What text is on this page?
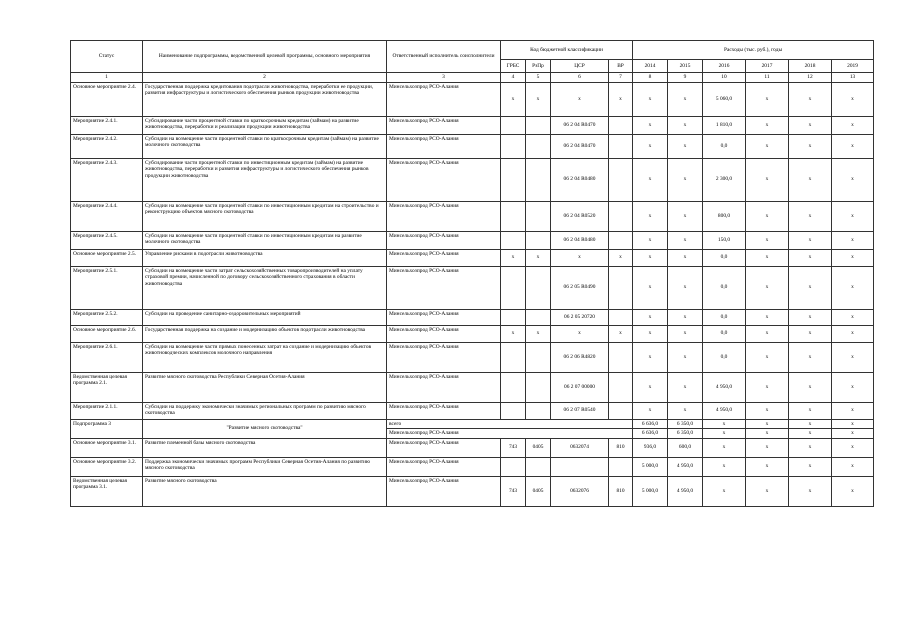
Статус	Наименование подпрограммы, ведомственной целевой программы, основного мероприятия	Ответственный исполнитель соисполнители	Код бюджетной классификации				Расходы (тыс. руб.), годы					
			ГРБС	РзПр	ЦСР	ВР	2014	2015	2016	2017	2018	2019
1	2	3	4	5	6	7	8	9	10	11	12	13
Основное мероприятие 2.4.	Государственная поддержка кредитования подотрасли животноводства, переработки ее продукции, развития инфраструктуры и логистического обеспечения рынков продукции животноводства	Минсельхозпрод РСО-Алания	х	х	х	х	х	х	5 060,0	х	х	х
Мероприятие 2.4.1.	Субсидирование части процентной ставки по краткосрочным кредитам (займам) на развитие животноводства, переработки и реализации продукции животноводства	Минсельхозпрод РСО-Алания			06 2 04 R0470		х	х	1 810,0	х	х	х
Мероприятие 2.4.2.	Субсидии на возмещение части процентной ставки по краткосрочным кредитам (займам) на развитие молочного скотоводства	Минсельхозпрод РСО-Алания			06 2 04 R0470		х	х	0,0	х	х	х
Мероприятие 2.4.3.	Субсидирование части процентной ставки по инвестиционным кредитам (займам) на развитие животноводства, переработки и развития инфраструктуры и логистического обеспечения рынков продукции животноводства	Минсельхозпрод РСО-Алания			06 2 04 R0480		х	х	2 300,0	х	х	х
Мероприятие 2.4.4.	Субсидии на возмещение части процентной ставки по инвестиционным кредитам на строительство и реконструкцию объектов мясного скотоводства	Минсельхозпрод РСО-Алания			06 2 04 R0520		х	х	800,0	х	х	х
Мероприятие 2.4.5.	Субсидии на возмещение части процентной ставки по инвестиционным кредитам на развитие молочного скотоводства	Минсельхозпрод РСО-Алания			06 2 04 R0480		х	х	150,0	х	х	х
Основное мероприятие 2.5.	Управление рисками в подотрасли животноводства	Минсельхозпрод РСО-Алания	х	х	х	х	х	х	0,0	х	х	х
Мероприятие 2.5.1.	Субсидии на возмещение части затрат сельскохозяйственных товаропроизводителей на уплату страховой премии, начисленной по договору сельскохозяйственного страхования в области животноводства	Минсельхозпрод РСО-Алания			06 2 05 R0490		х	х	0,0	х	х	х
Мероприятие 2.5.2.	Субсидии на проведение санитарно-оздоровительных мероприятий	Минсельхозпрод РСО-Алания			06 2 05 20720		х	х	0,0	х	х	х
Основное мероприятие 2.6.	Государственная поддержка на создание и модернизацию объектов подотрасли животноводства	Минсельхозпрод РСО-Алания	х	х	х	х	х	х	0,0	х	х	х
Мероприятие 2.6.1.	Субсидии на возмещение части прямых понесенных затрат на создание и модернизацию объектов животноводческих комплексов молочного направления	Минсельхозпрод РСО-Алания			06 2 06 R4820		х	х	0,0	х	х	х
Ведомственная целевая программа 2.1.	Развитие мясного скотоводства Республики Северная Осетия-Алания	Минсельхозпрод РСО-Алания			06 2 07 00000		х	х	4 950,0	х	х	х
Мероприятие 2.1.1.	Субсидии на поддержку экономически значимых региональных программ по развитию мясного скотоводства	Минсельхозпрод РСО-Алания			06 2 07 R0540		х	х	4 950,0	х	х	х
Подпрограмма 3	"Развитие мясного скотоводства"	всего					6 636,0	6 350,0	х	х	х	х
		Минсельхозпрод РСО-Алания					6 636,0	6 350,0	х	х	х	х
Основное мероприятие 3.1.	Развитие племенной базы мясного скотоводства	Минсельхозпрод РСО-Алания	743	0405	0632074	810	936,0	600,0	х	х	х	х
Основное мероприятие 3.2.	Поддержка экономически значимых программ Республики Северная Осетия-Алания по развитию мясного скотоводства	Минсельхозпрод РСО-Алания					5 000,0	4 950,0	х	х	х	х
Ведомственная целевая программа 3.1.	Развитие мясного скотоводства	Минсельхозпрод РСО-Алания	743	0405	0632076	810	5 000,0	4 950,0	х	х	х	х
